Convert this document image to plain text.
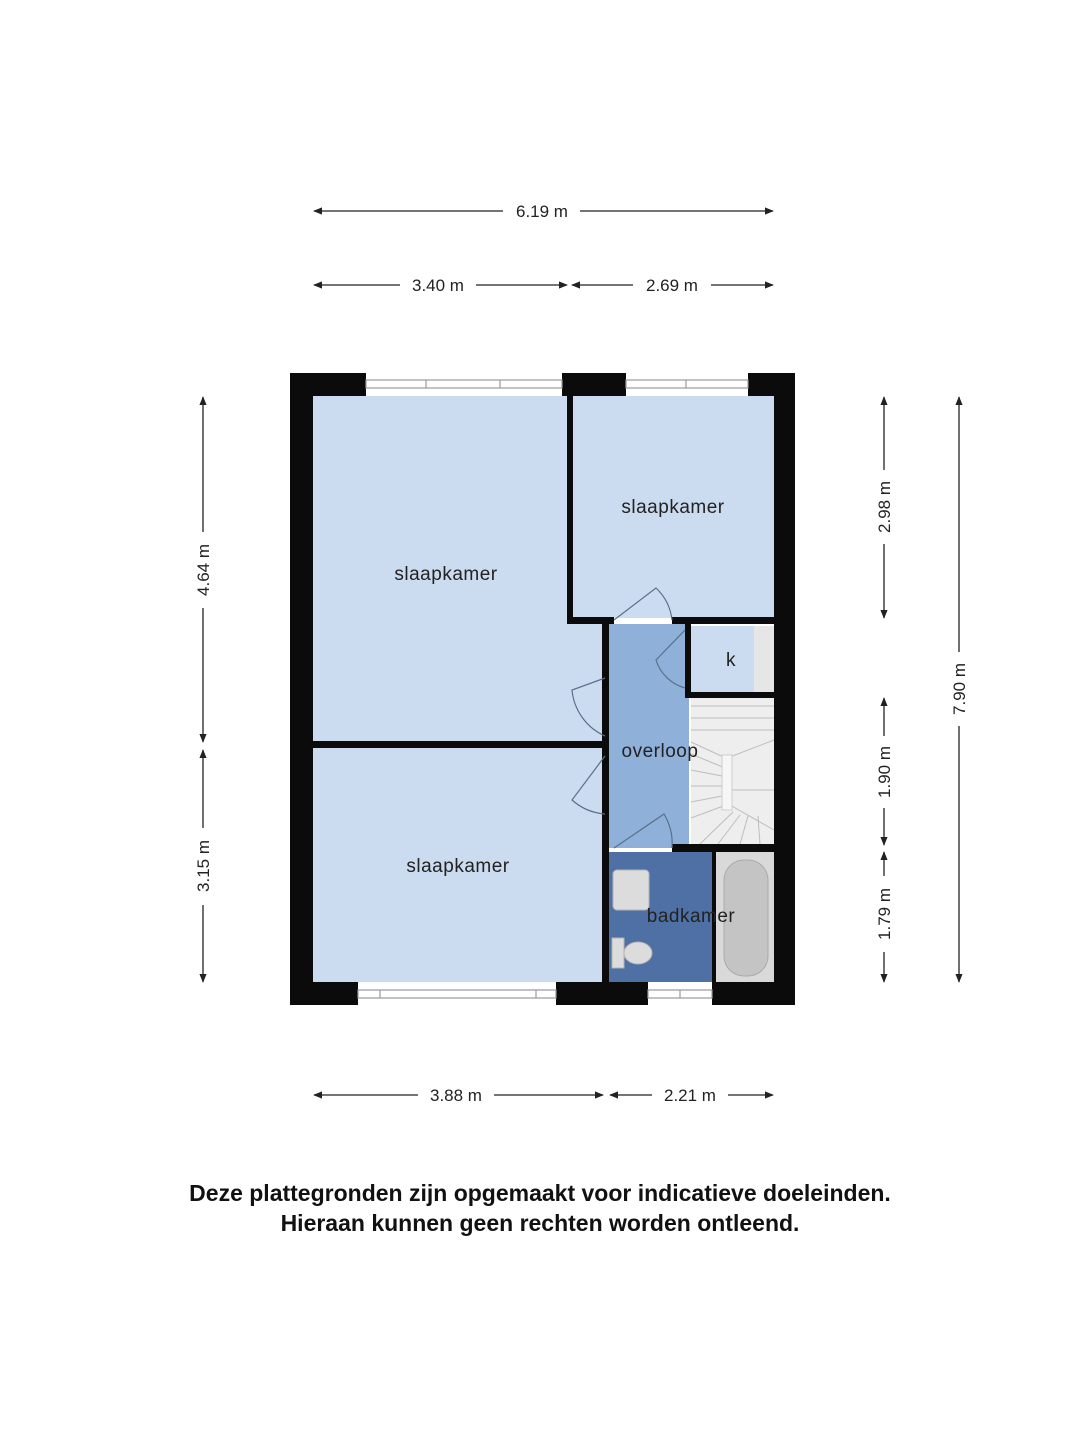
slaapkamer
slaapkamer
slaapkamer
overloop
k
badkamer
6.19 m
3.40 m	2.69 m
4.64 m
3.15 m
2.98 m
1.90 m
1.79 m
7.90 m
3.88 m	2.21 m
Deze plattegronden zijn opgemaakt voor indicatieve doeleinden.
Hieraan kunnen geen rechten worden ontleend.
